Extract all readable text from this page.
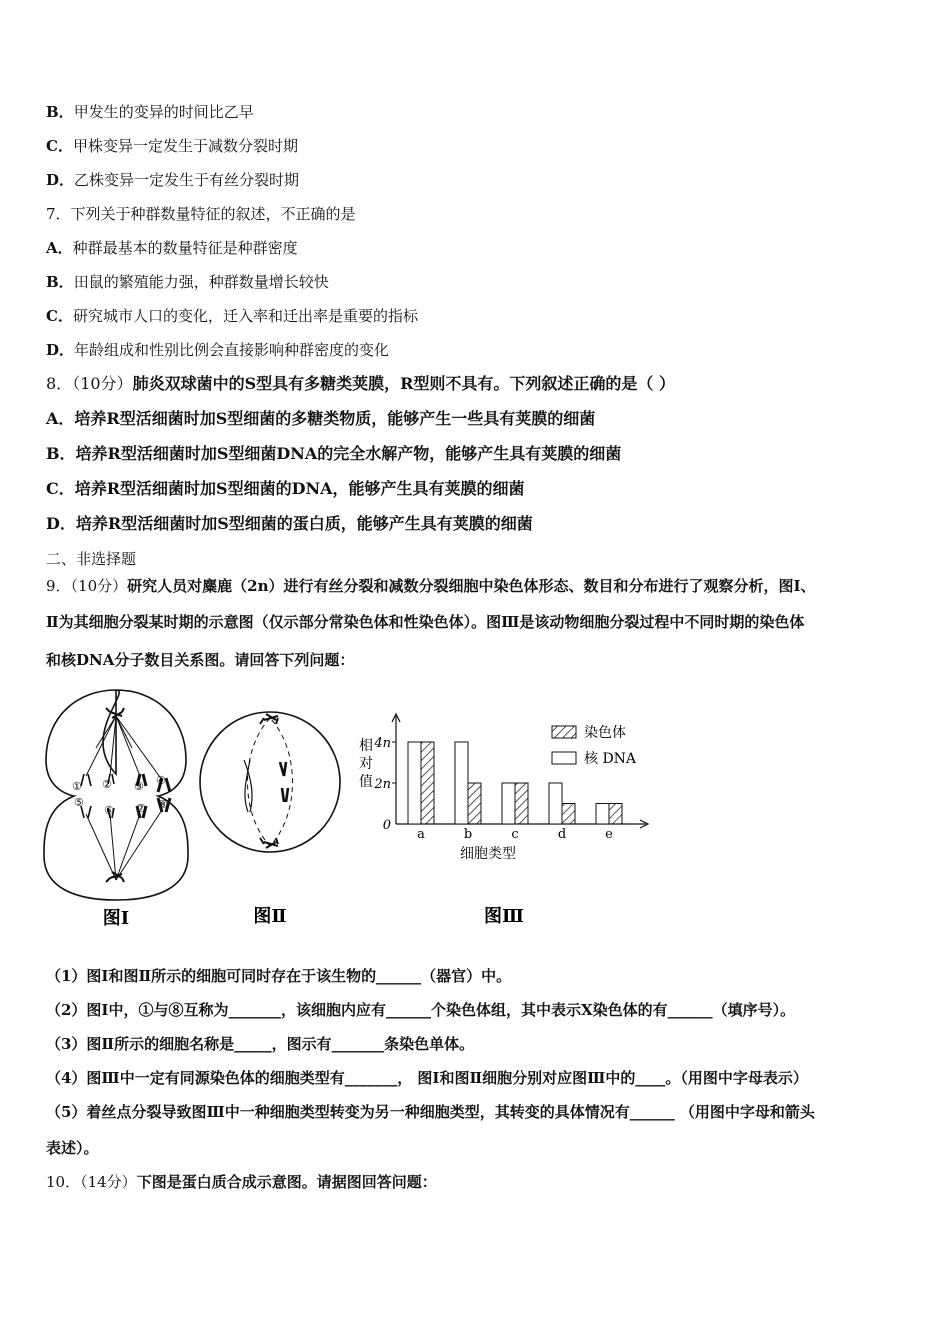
B．甲发生的变异的时间比乙早
C．甲株变异一定发生于减数分裂时期
D．乙株变异一定发生于有丝分裂时期
7．下列关于种群数量特征的叙述，不正确的是
A．种群最基本的数量特征是种群密度
B．田鼠的繁殖能力强，种群数量增长较快
C．研究城市人口的变化，迁入率和迁出率是重要的指标
D．年龄组成和性别比例会直接影响种群密度的变化
8．（10分）肺炎双球菌中的S型具有多糖类荚膜，R型则不具有。下列叙述正确的是（ ）
A．培养R型活细菌时加S型细菌的多糖类物质，能够产生一些具有荚膜的细菌
B．培养R型活细菌时加S型细菌DNA的完全水解产物，能够产生具有荚膜的细菌
C．培养R型活细菌时加S型细菌的DNA，能够产生具有荚膜的细菌
D．培养R型活细菌时加S型细菌的蛋白质，能够产生具有荚膜的细菌
二、非选择题
9．（10分）研究人员对麋鹿（2n）进行有丝分裂和减数分裂细胞中染色体形态、数目和分布进行了观察分析，图Ⅰ、
Ⅱ为其细胞分裂某时期的示意图（仅示部分常染色体和性染色体）。图Ⅲ是该动物细胞分裂过程中不同时期的染色体
和核DNA分子数目关系图。请回答下列问题：
① ② ③ ④
⑤
⑥ ⑦ ⑧
图Ⅰ	图Ⅱ
相对值
4n
2n
0
a	b	c	d	e
细胞类型
染色体
核 DNA
图Ⅲ
（1）图Ⅰ和图Ⅱ所示的细胞可同时存在于该生物的______（器官）中。
（2）图Ⅰ中，①与⑧互称为_______，该细胞内应有______个染色体组，其中表示X染色体的有______（填序号）。
（3）图Ⅱ所示的细胞名称是_____，图示有_______条染色单体。
（4）图Ⅲ中一定有同源染色体的细胞类型有_______， 图Ⅰ和图Ⅱ细胞分别对应图Ⅲ中的____。（用图中字母表示）
（5）着丝点分裂导致图Ⅲ中一种细胞类型转变为另一种细胞类型，其转变的具体情况有______ （用图中字母和箭头
表述）。
10．（14分）下图是蛋白质合成示意图。请据图回答问题：
